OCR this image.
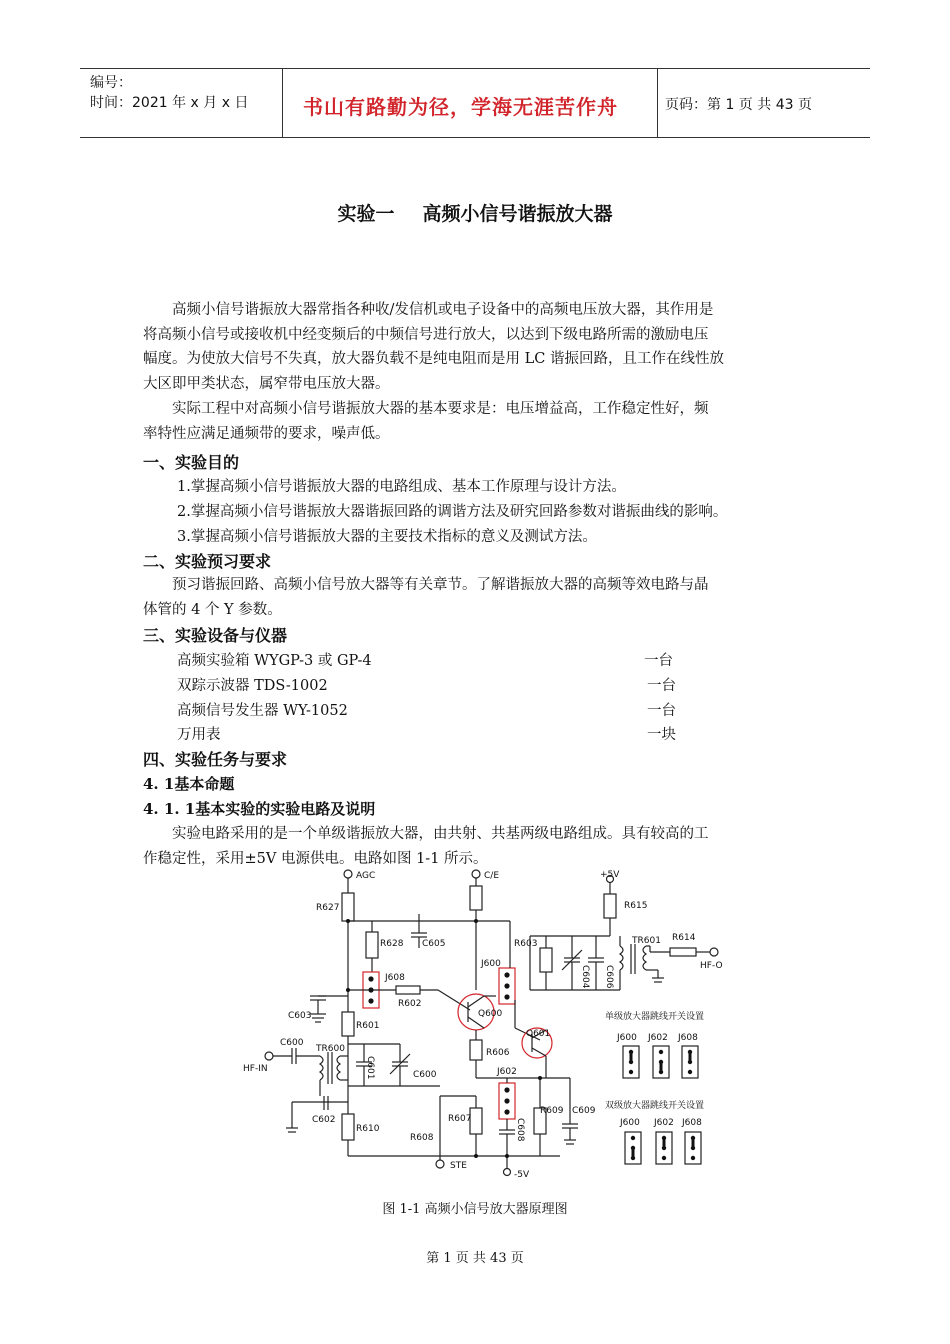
编号：
时间：2021 年 x 月 x 日	书山有路勤为径，学海无涯苦作舟	页码：第 1 页 共 43 页
实验一 高频小信号谐振放大器
　　高频小信号谐振放大器常指各种收/发信机或电子设备中的高频电压放大器，其作用是
将高频小信号或接收机中经变频后的中频信号进行放大，以达到下级电路所需的激励电压
幅度。为使放大信号不失真，放大器负载不是纯电阻而是用 LC 谐振回路，且工作在线性放
大区即甲类状态，属窄带电压放大器。
　　实际工程中对高频小信号谐振放大器的基本要求是：电压增益高，工作稳定性好，频
率特性应满足通频带的要求，噪声低。
一、实验目的
1.掌握高频小信号谐振放大器的电路组成、基本工作原理与设计方法。
2.掌握高频小信号谐振放大器谐振回路的调谐方法及研究回路参数对谐振曲线的影响。
3.掌握高频小信号谐振放大器的主要技术指标的意义及测试方法。
二、实验预习要求
　　预习谐振回路、高频小信号放大器等有关章节。了解谐振放大器的高频等效电路与晶
体管的 4 个 Y 参数。
三、实验设备与仪器
高频实验箱 WYGP-3 或 GP-4	一台
双踪示波器 TDS-1002	一台
高频信号发生器 WY-1052	一台
万用表	一块
四、实验任务与要求
4. 1基本命题
4. 1. 1基本实验的实验电路及说明
　　实验电路采用的是一个单级谐振放大器，由共射、共基两级电路组成。具有较高的工
作稳定性，采用±5V 电源供电。电路如图 1-1 所示。
AGC	C/E	+5V
-5V
STE
HF-IN
HF-O
R627
R628 C605	R603
R615
R614
TR601
TR600
J600
J602
J608
R602
C603
R601
Q600
Q601
C600
C600
R606
C602
R610
R607
R608
R609 C609
C604 C606
C601
C608
单级放大器跳线开关设置
J600 J602 J608
双级放大器跳线开关设置
J600 J602 J608
图 1-1 高频小信号放大器原理图
第 1 页 共 43 页
